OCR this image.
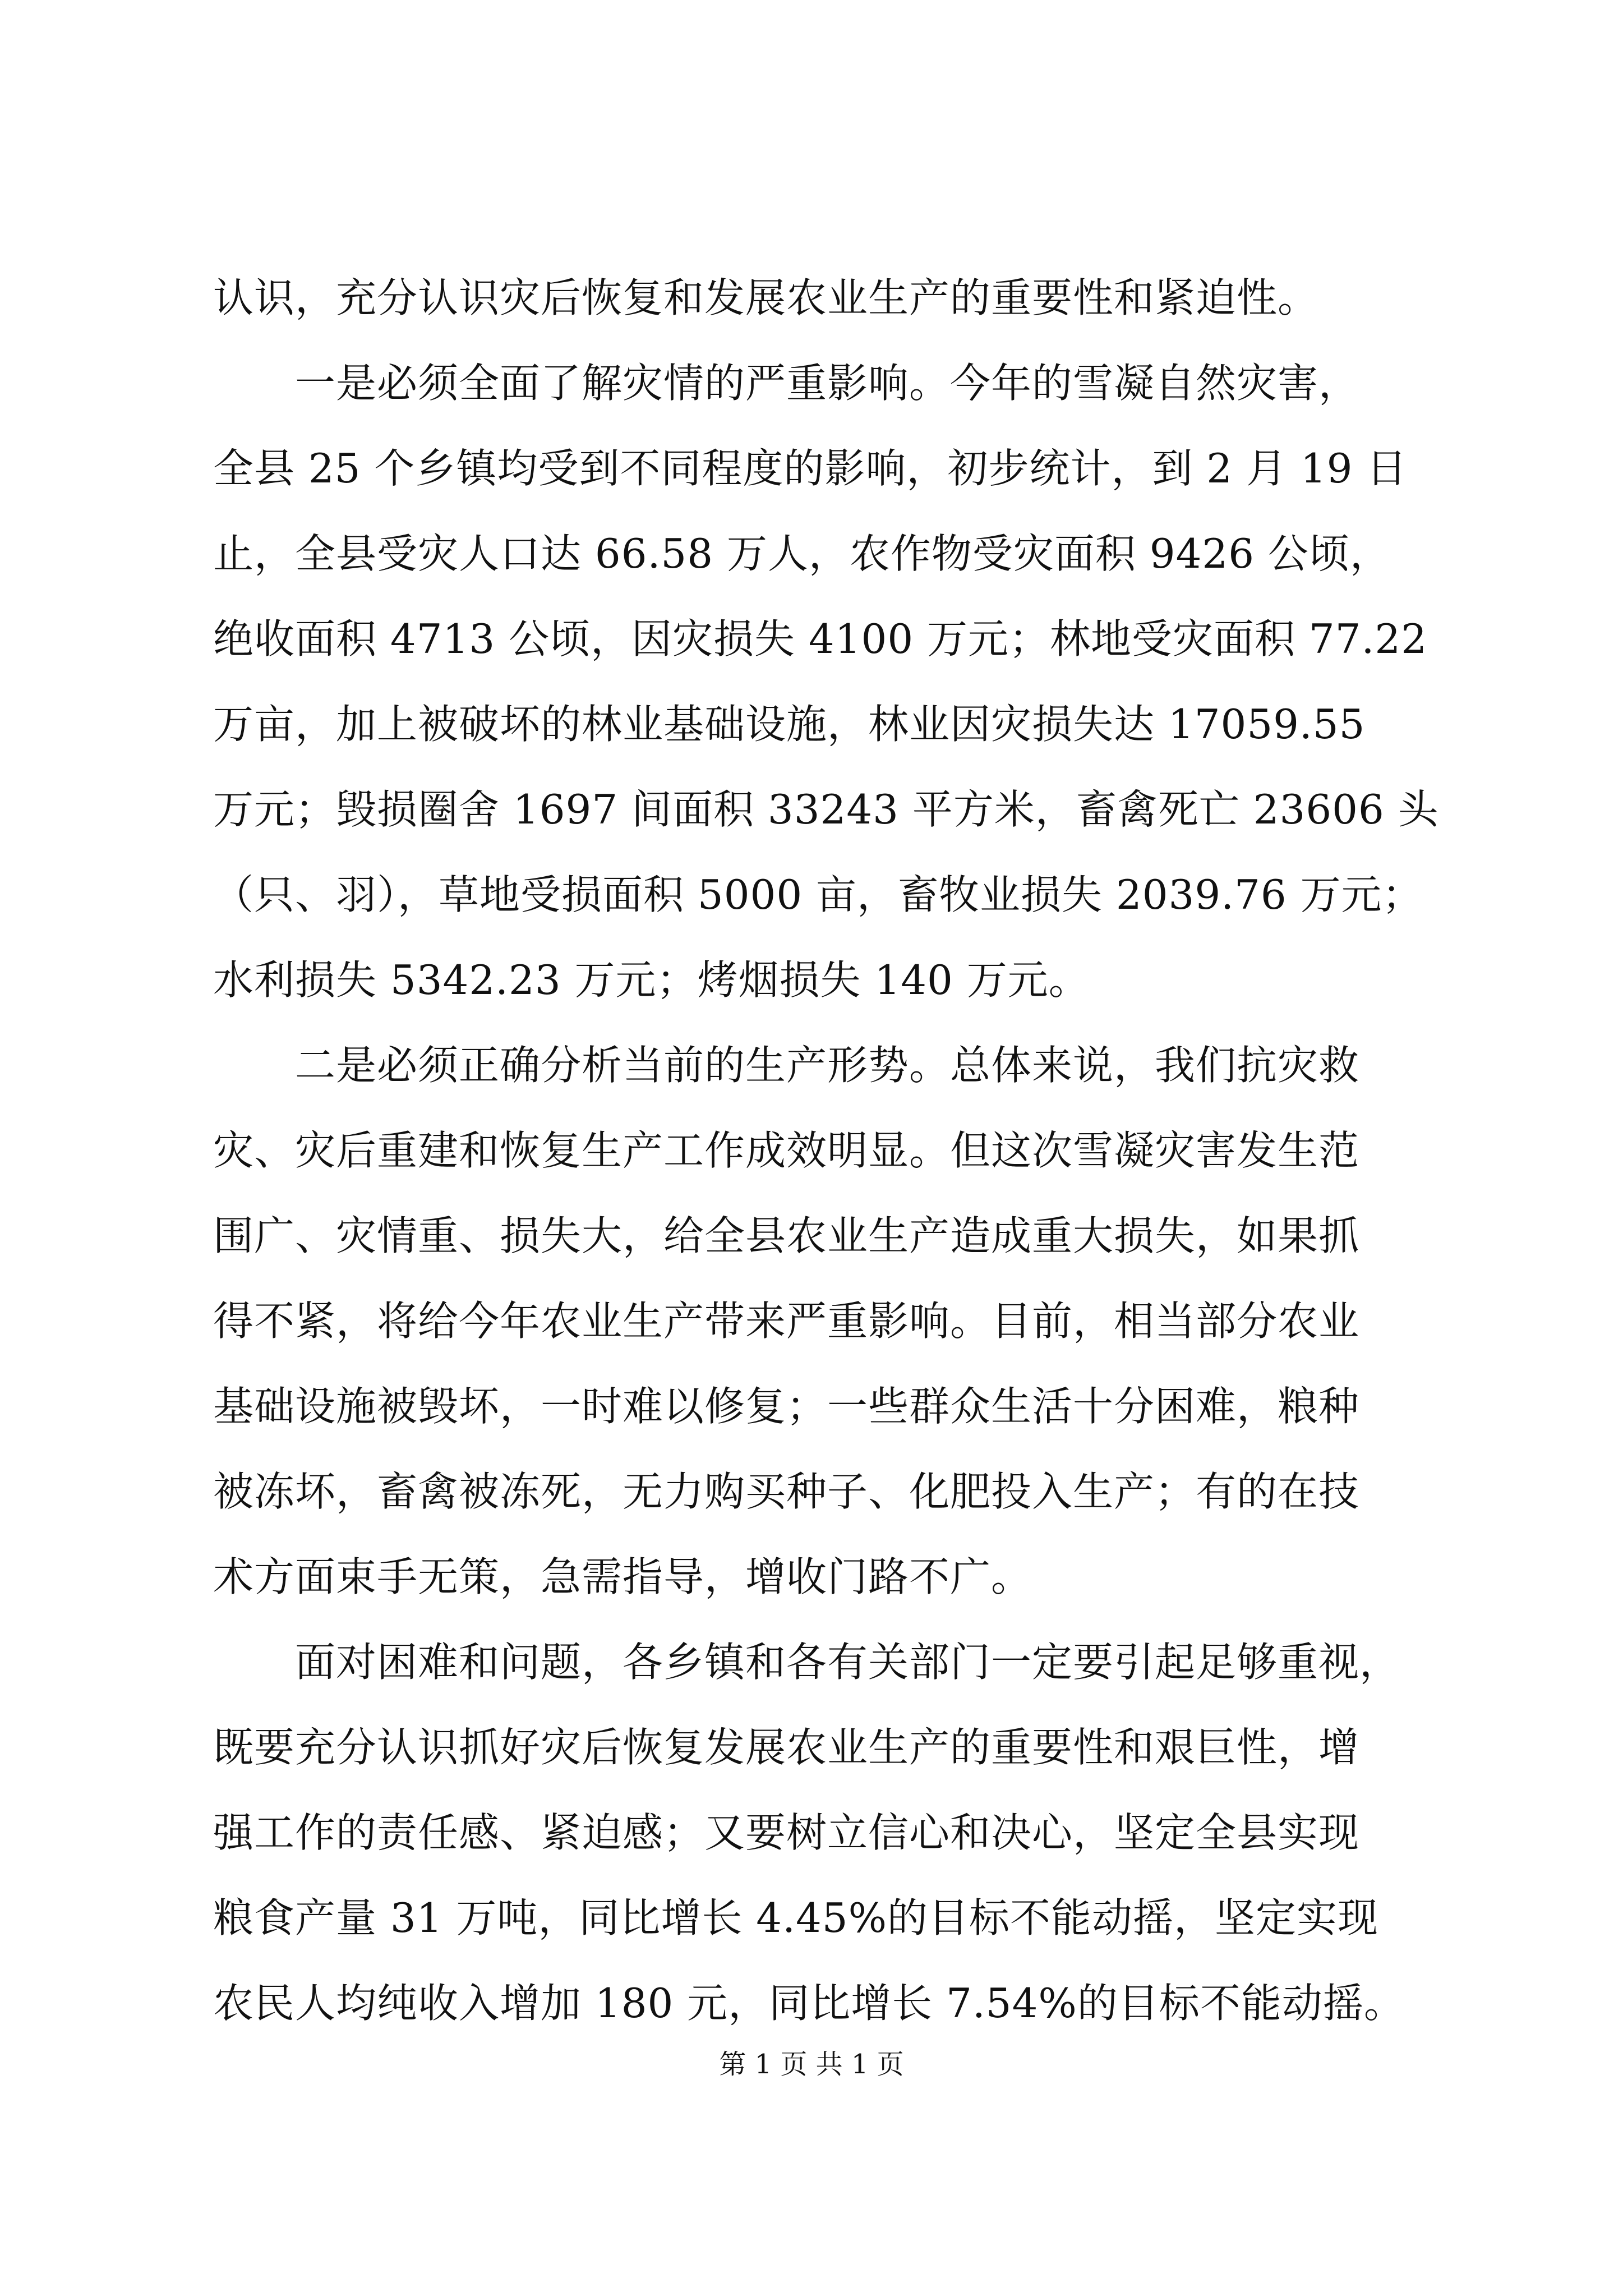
认识，充分认识灾后恢复和发展农业生产的重要性和紧迫性。
　　一是必须全面了解灾情的严重影响。今年的雪凝自然灾害，
全县 25 个乡镇均受到不同程度的影响，初步统计，到 2 月 19 日
止，全县受灾人口达 66.58 万人，农作物受灾面积 9426 公顷，
绝收面积 4713 公顷，因灾损失 4100 万元；林地受灾面积 77.22
万亩，加上被破坏的林业基础设施，林业因灾损失达 17059.55
万元；毁损圈舍 1697 间面积 33243 平方米，畜禽死亡 23606 头
（只、羽），草地受损面积 5000 亩，畜牧业损失 2039.76 万元；
水利损失 5342.23 万元；烤烟损失 140 万元。
　　二是必须正确分析当前的生产形势。总体来说，我们抗灾救
灾、灾后重建和恢复生产工作成效明显。但这次雪凝灾害发生范
围广、灾情重、损失大，给全县农业生产造成重大损失，如果抓
得不紧，将给今年农业生产带来严重影响。目前，相当部分农业
基础设施被毁坏，一时难以修复；一些群众生活十分困难，粮种
被冻坏，畜禽被冻死，无力购买种子、化肥投入生产；有的在技
术方面束手无策，急需指导，增收门路不广。
　　面对困难和问题，各乡镇和各有关部门一定要引起足够重视，
既要充分认识抓好灾后恢复发展农业生产的重要性和艰巨性，增
强工作的责任感、紧迫感；又要树立信心和决心，坚定全县实现
粮食产量 31 万吨，同比增长 4.45%的目标不能动摇，坚定实现
农民人均纯收入增加 180 元，同比增长 7.54%的目标不能动摇。
第 1 页 共 1 页
